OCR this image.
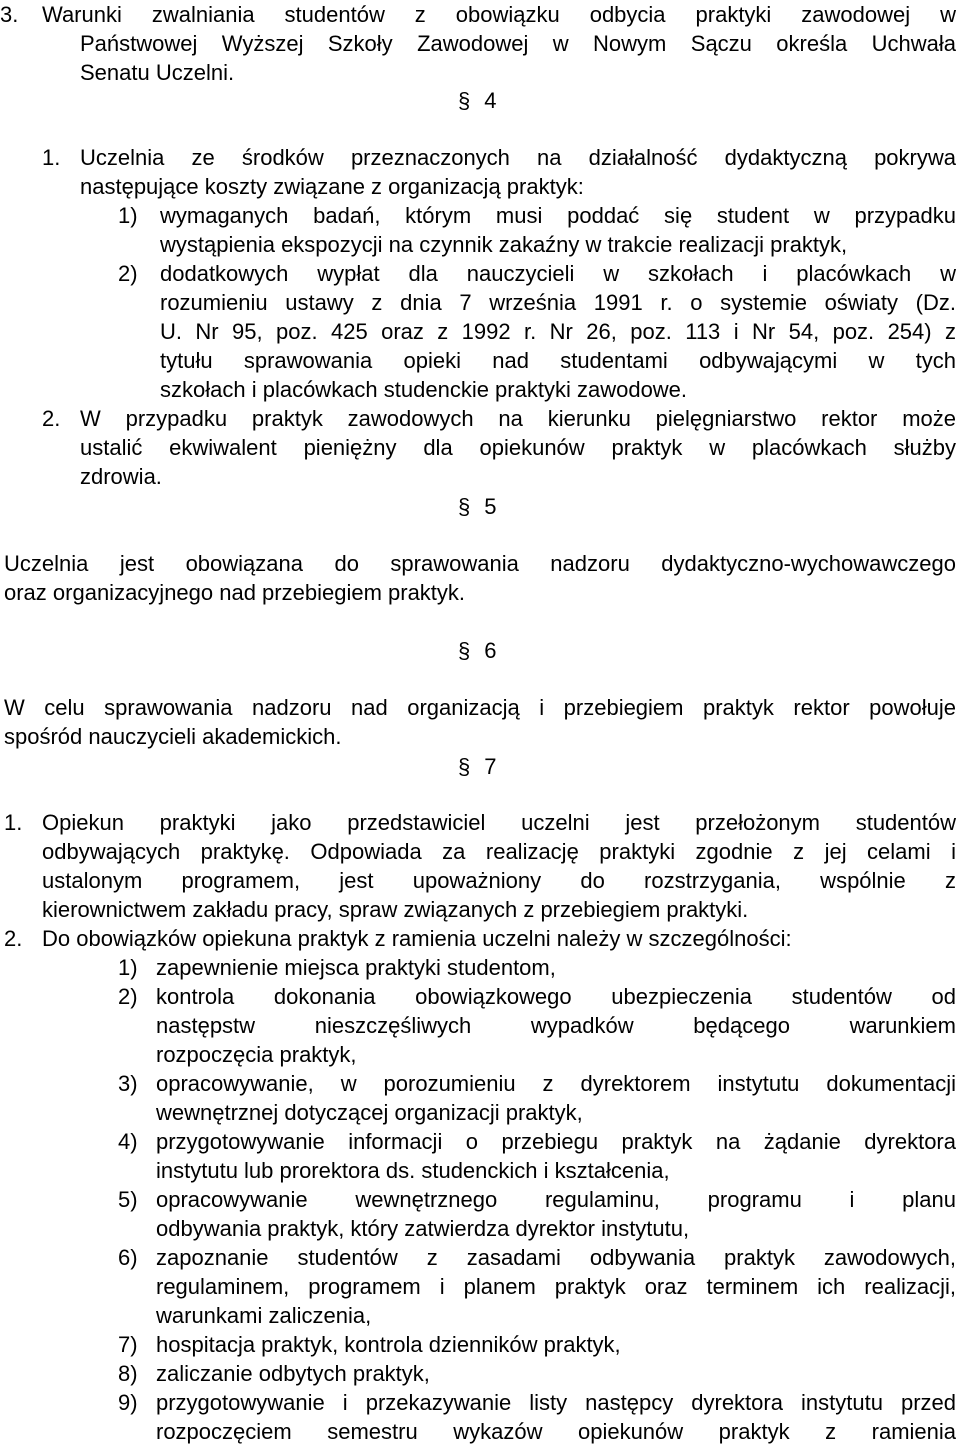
3. Warunki zwalniania studentów z obowiązku odbycia praktyki zawodowej w
Państwowej Wyższej Szkoły Zawodowej w Nowym Sączu określa Uchwała
Senatu Uczelni.
1. Uczelnia ze środków przeznaczonych na działalność dydaktyczną pokrywa
następujące koszty związane z organizacją praktyk:
1) wymaganych badań, którym musi poddać się student w przypadku
wystąpienia ekspozycji na czynnik zakaźny w trakcie realizacji praktyk,
2) dodatkowych wypłat dla nauczycieli w szkołach i placówkach w
rozumieniu ustawy z dnia 7 września 1991 r. o systemie oświaty (Dz.
U. Nr 95, poz. 425 oraz z 1992 r. Nr 26, poz. 113 i Nr 54, poz. 254) z
tytułu sprawowania opieki nad studentami odbywającymi w tych
szkołach i placówkach studenckie praktyki zawodowe.
2. W przypadku praktyk zawodowych na kierunku pielęgniarstwo rektor może
ustalić ekwiwalent pieniężny dla opiekunów praktyk w placówkach służby
zdrowia.
Uczelnia jest obowiązana do sprawowania nadzoru dydaktyczno-wychowawczego
oraz organizacyjnego nad przebiegiem praktyk.
W celu sprawowania nadzoru nad organizacją i przebiegiem praktyk rektor powołuje
spośród nauczycieli akademickich.
1. Opiekun praktyki jako przedstawiciel uczelni jest przełożonym studentów
odbywających praktykę. Odpowiada za realizację praktyki zgodnie z jej celami i
ustalonym programem, jest upoważniony do rozstrzygania, wspólnie z
kierownictwem zakładu pracy, spraw związanych z przebiegiem praktyki.
2. Do obowiązków opiekuna praktyk z ramienia uczelni należy w szczególności:
1) zapewnienie miejsca praktyki studentom,
2) kontrola dokonania obowiązkowego ubezpieczenia studentów od
następstw nieszczęśliwych wypadków będącego warunkiem
rozpoczęcia praktyk,
3) opracowywanie, w porozumieniu z dyrektorem instytutu dokumentacji
wewnętrznej dotyczącej organizacji praktyk,
4) przygotowywanie informacji o przebiegu praktyk na żądanie dyrektora
instytutu lub prorektora ds. studenckich i kształcenia,
5) opracowywanie wewnętrznego regulaminu, programu i planu
odbywania praktyk, który zatwierdza dyrektor instytutu,
6) zapoznanie studentów z zasadami odbywania praktyk zawodowych,
regulaminem, programem i planem praktyk oraz terminem ich realizacji,
warunkami zaliczenia,
7) hospitacja praktyk, kontrola dzienników praktyk,
8) zaliczanie odbytych praktyk,
9) przygotowywanie i przekazywanie listy następcy dyrektora instytutu przed
rozpoczęciem semestru wykazów opiekunów praktyk z ramienia
§ 4
§ 5
§ 6
§ 7
